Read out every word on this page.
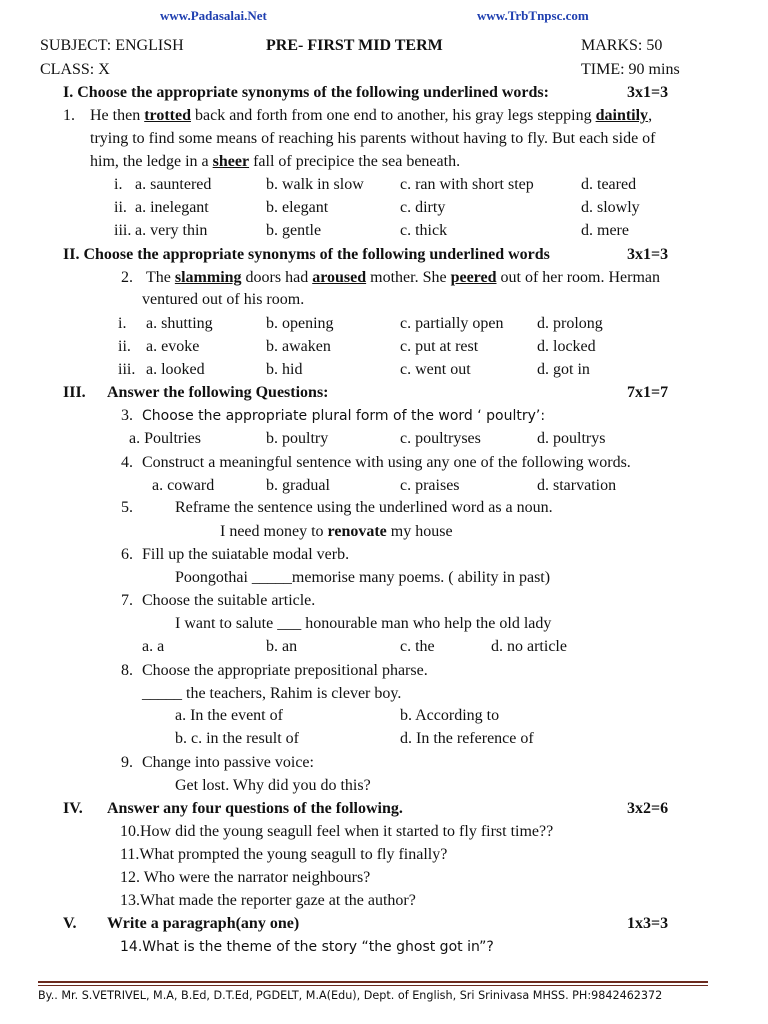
www.Padasalai.Net	www.TrbTnpsc.com
SUBJECT: ENGLISH	PRE- FIRST MID TERM	MARKS: 50
CLASS: X	TIME: 90 mins
I. Choose the appropriate synonyms of the following underlined words:	3x1=3
1. He then trotted back and forth from one end to another, his gray legs stepping daintily,
trying to find some means of reaching his parents without having to fly. But each side of
him, the ledge in a sheer fall of precipice the sea beneath.
i. a. sauntered	b. walk in slow c. ran with short step	d. teared
ii. a. inelegant	b. elegant	c. dirty	d. slowly
iii. a. very thin	b. gentle	c. thick	d. mere
II. Choose the appropriate synonyms of the following underlined words	3x1=3
2. The slamming doors had aroused mother. She peered out of her room. Herman
ventured out of his room.
i. a. shutting	b. opening	c. partially open d. prolong
ii. a. evoke	b. awaken	c. put at rest	d. locked
iii. a. looked	b. hid	c. went out	d. got in
III. Answer the following Questions:	7x1=7
3. Choose the appropriate plural form of the word ‘ poultry’:
a. Poultries	b. poultry	c. poultryses	d. poultrys
4. Construct a meaningful sentence with using any one of the following words.
a. coward	b. gradual	c. praises	d. starvation
5.	Reframe the sentence using the underlined word as a noun.
I need money to renovate my house
6. Fill up the suiatable modal verb.
Poongothai _____memorise many poems. ( ability in past)
7. Choose the suitable article.
I want to salute ___ honourable man who help the old lady
a. a	b. an	c. the	d. no article
8. Choose the appropriate prepositional pharse.
_____ the teachers, Rahim is clever boy.
a. In the event of	b. According to
b. c. in the result of	d. In the reference of
9. Change into passive voice:
Get lost. Why did you do this?
IV. Answer any four questions of the following.	3x2=6
10.How did the young seagull feel when it started to fly first time??
11.What prompted the young seagull to fly finally?
12. Who were the narrator neighbours?
13.What made the reporter gaze at the author?
V. Write a paragraph(any one)	1x3=3
14.What is the theme of the story “the ghost got in”?
By.. Mr. S.VETRIVEL, M.A, B.Ed, D.T.Ed, PGDELT, M.A(Edu), Dept. of English, Sri Srinivasa MHSS. PH:9842462372
